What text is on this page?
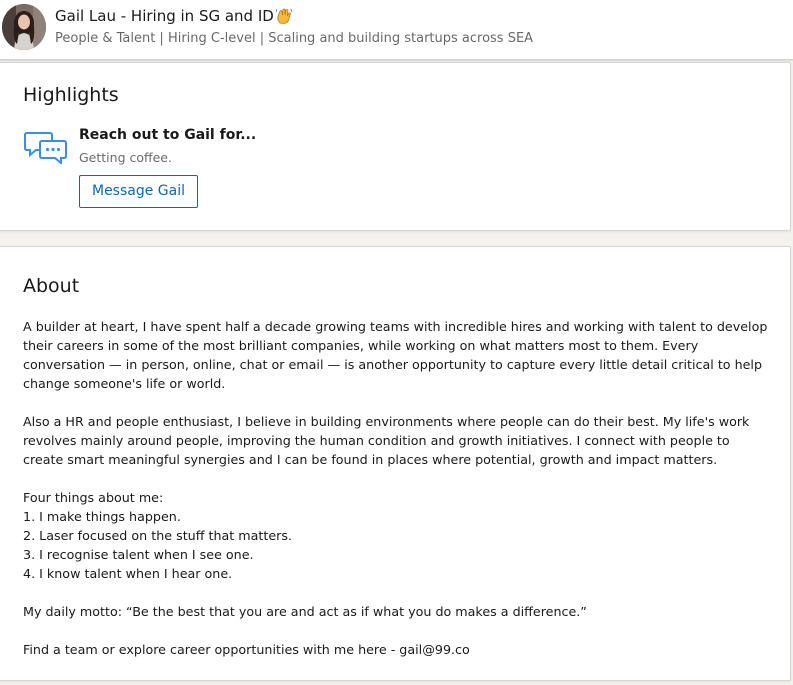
Gail Lau - Hiring in SG and ID
People & Talent | Hiring C-level | Scaling and building startups across SEA
Highlights
Reach out to Gail for...
Getting coffee.
Message Gail
About

A builder at heart, I have spent half a decade growing teams with incredible hires and working with talent to develop their careers in some of the most brilliant companies, while working on what matters most to them. Every conversation — in person, online, chat or email — is another opportunity to capture every little detail critical to help change someone's life or world.

Also a HR and people enthusiast, I believe in building environments where people can do their best. My life's work revolves mainly around people, improving the human condition and growth initiatives. I connect with people to create smart meaningful synergies and I can be found in places where potential, growth and impact matters.

Four things about me:

1. I make things happen.

2. Laser focused on the stuff that matters.

3. I recognise talent when I see one.

4. I know talent when I hear one.

My daily motto: “Be the best that you are and act as if what you do makes a difference.”

Find a team or explore career opportunities with me here - gail@99.co
